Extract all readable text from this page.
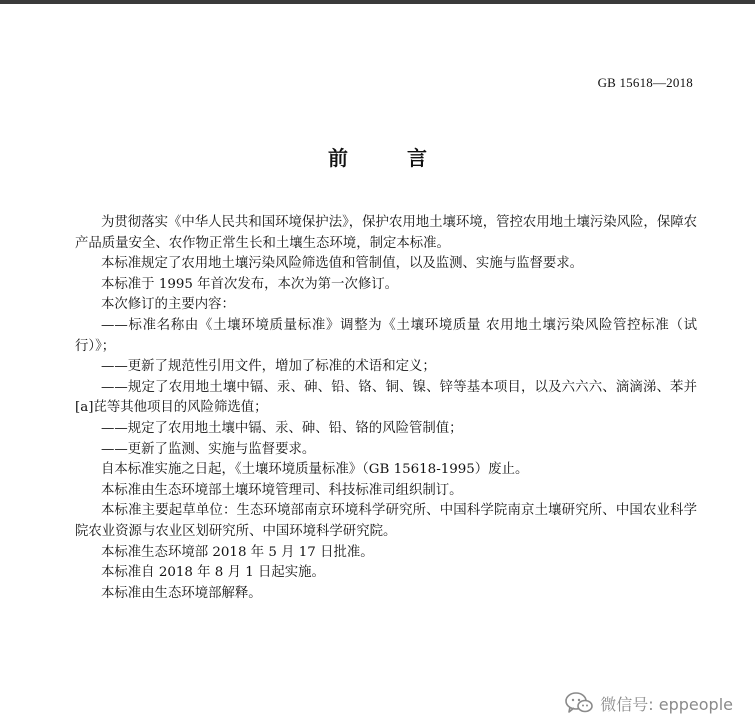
GB 15618—2018
前 言

为贯彻落实《中华人民共和国环境保护法》，保护农用地土壤环境，管控农用地土壤污染风险，保障农产品质量安全、农作物正常生长和土壤生态环境，制定本标准。

本标准规定了农用地土壤污染风险筛选值和管制值，以及监测、实施与监督要求。

本标准于 1995 年首次发布，本次为第一次修订。

本次修订的主要内容：

——标准名称由《土壤环境质量标准》调整为《土壤环境质量 农用地土壤污染风险管控标准（试行）》；

——更新了规范性引用文件，增加了标准的术语和定义；

——规定了农用地土壤中镉、汞、砷、铅、铬、铜、镍、锌等基本项目，以及六六六、滴滴涕、苯并[a]芘等其他项目的风险筛选值；

——规定了农用地土壤中镉、汞、砷、铅、铬的风险管制值；

——更新了监测、实施与监督要求。

自本标准实施之日起，《土壤环境质量标准》（GB 15618-1995）废止。

本标准由生态环境部土壤环境管理司、科技标准司组织制订。

本标准主要起草单位：生态环境部南京环境科学研究所、中国科学院南京土壤研究所、中国农业科学院农业资源与农业区划研究所、中国环境科学研究院。

本标准生态环境部 2018 年 5 月 17 日批准。

本标准自 2018 年 8 月 1 日起实施。

本标准由生态环境部解释。

微信号: eppeople
